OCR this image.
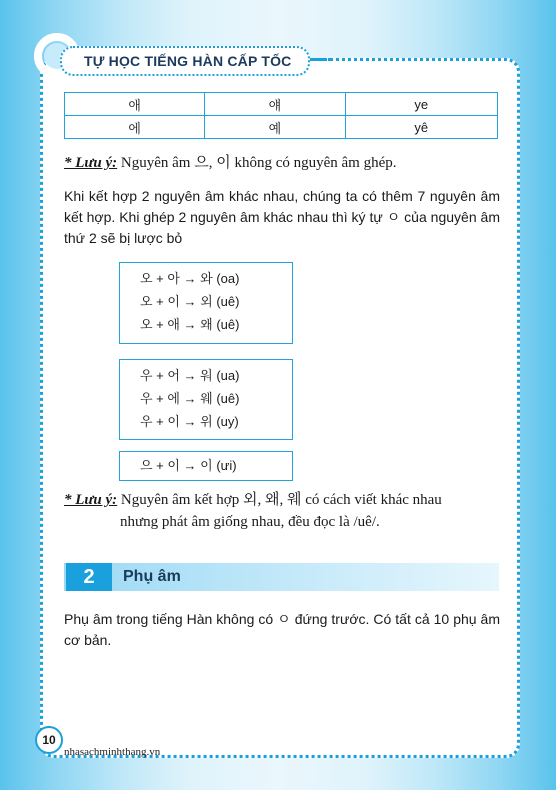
TỰ HỌC TIẾNG HÀN CẤP TỐC
애	얘	ye
에	예	yê
* Lưu ý: Nguyên âm 으, 이 không có nguyên âm ghép.
Khi kết hợp 2 nguyên âm khác nhau, chúng ta có thêm 7 nguyên âm kết hợp. Khi ghép 2 nguyên âm khác nhau thì ký tự ㅇ của nguyên âm thứ 2 sẽ bị lược bỏ
오 + 아 → 와 (oa)
오 + 이 → 외 (uê)
오 + 애 → 왜 (uê)
우 + 어 → 워 (ua)
우 + 에 → 웨 (uê)
우 + 이 → 위 (uy)
으 + 이 → 이 (ưi)
* Lưu ý: Nguyên âm kết hợp 외, 왜, 웨 có cách viết khác nhau
nhưng phát âm giống nhau, đều đọc là /uê/.
2	Phụ âm
Phụ âm trong tiếng Hàn không có ㅇ đứng trước. Có tất cả 10 phụ âm cơ bản.
10
nhasachminhthang.vn
